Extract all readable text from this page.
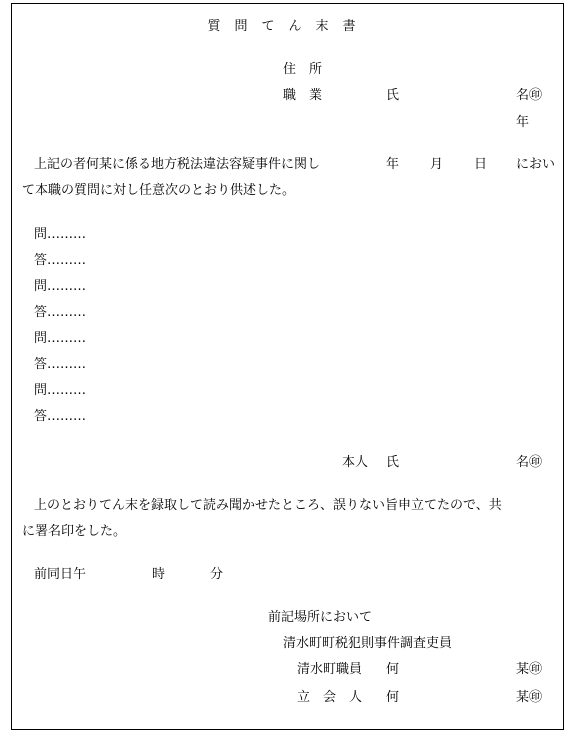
質問てん末書
住　所
職　業	氏	名㊞
年
上記の者何某に係る地方税法違法容疑事件に関し	年 月 日 におい
て本職の質問に対し任意次のとおり供述した。
問………
答………
問………
答………
問………
答………
問………
答………
本人 氏	名㊞
上のとおりてん末を録取して読み聞かせたところ、誤りない旨申立てたので、共
に署名印をした。
前同日午	時	分
前記場所において
清水町町税犯則事件調査吏員
清水町職員 何	某㊞
立　会　人 何	某㊞
